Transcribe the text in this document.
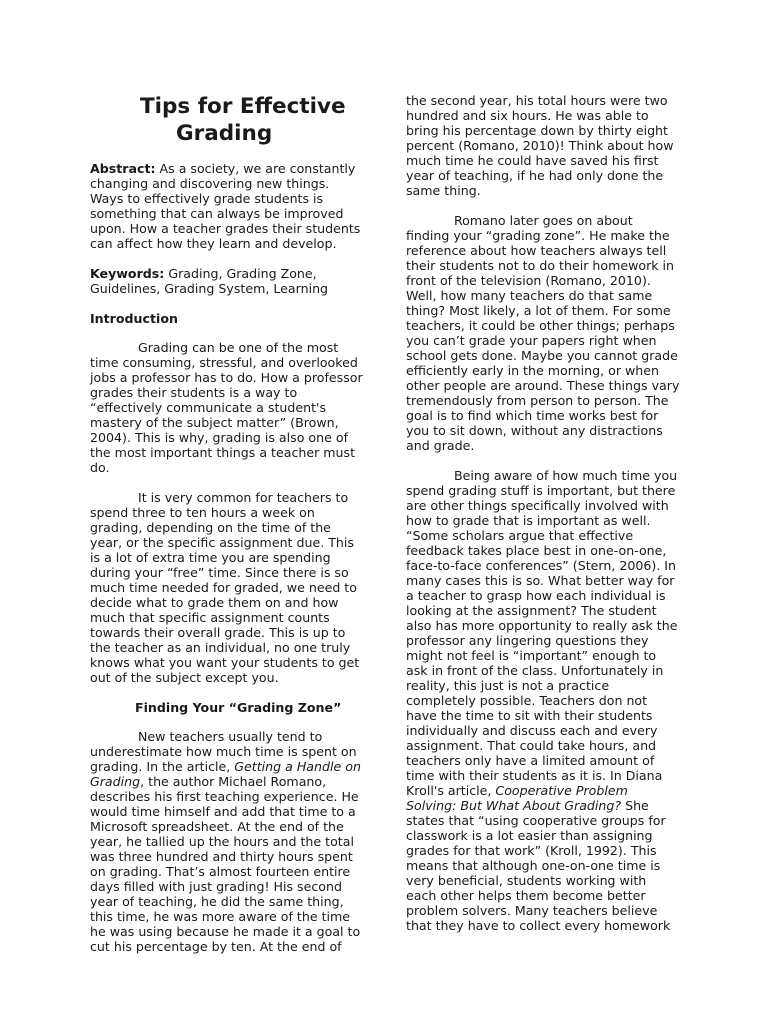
Tips for Effective
Grading

Abstract: As a society, we are constantly changing and discovering new things. Ways to effectively grade students is something that can always be improved upon. How a teacher grades their students can affect how they learn and develop.

Keywords: Grading, Grading Zone, Guidelines, Grading System, Learning

Introduction

Grading can be one of the most time consuming, stressful, and overlooked jobs a professor has to do. How a professor grades their students is a way to “effectively communicate a student's mastery of the subject matter” (Brown, 2004). This is why, grading is also one of the most important things a teacher must do.

It is very common for teachers to spend three to ten hours a week on grading, depending on the time of the year, or the specific assignment due. This is a lot of extra time you are spending during your “free” time. Since there is so much time needed for graded, we need to decide what to grade them on and how much that specific assignment counts towards their overall grade. This is up to the teacher as an individual, no one truly knows what you want your students to get out of the subject except you.

Finding Your “Grading Zone”

New teachers usually tend to underestimate how much time is spent on grading. In the article, Getting a Handle on Grading, the author Michael Romano, describes his first teaching experience. He would time himself and add that time to a Microsoft spreadsheet. At the end of the year, he tallied up the hours and the total was three hundred and thirty hours spent on grading. That’s almost fourteen entire days filled with just grading! His second year of teaching, he did the same thing, this time, he was more aware of the time he was using because he made it a goal to cut his percentage by ten. At the end of

the second year, his total hours were two hundred and six hours. He was able to bring his percentage down by thirty eight percent (Romano, 2010)! Think about how much time he could have saved his first year of teaching, if he had only done the same thing.

Romano later goes on about finding your “grading zone”. He make the reference about how teachers always tell their students not to do their homework in front of the television (Romano, 2010). Well, how many teachers do that same thing? Most likely, a lot of them. For some teachers, it could be other things; perhaps you can’t grade your papers right when school gets done. Maybe you cannot grade efficiently early in the morning, or when other people are around. These things vary tremendously from person to person. The goal is to find which time works best for you to sit down, without any distractions and grade.

Being aware of how much time you spend grading stuff is important, but there are other things specifically involved with how to grade that is important as well. “Some scholars argue that effective feedback takes place best in one-on-one, face-to-face conferences” (Stern, 2006). In many cases this is so. What better way for a teacher to grasp how each individual is looking at the assignment? The student also has more opportunity to really ask the professor any lingering questions they might not feel is “important” enough to ask in front of the class. Unfortunately in reality, this just is not a practice completely possible. Teachers don not have the time to sit with their students individually and discuss each and every assignment. That could take hours, and teachers only have a limited amount of time with their students as it is. In Diana Kroll's article, Cooperative Problem Solving: But What About Grading? She states that “using cooperative groups for classwork is a lot easier than assigning grades for that work” (Kroll, 1992). This means that although one-on-one time is very beneficial, students working with each other helps them become better problem solvers. Many teachers believe that they have to collect every homework
